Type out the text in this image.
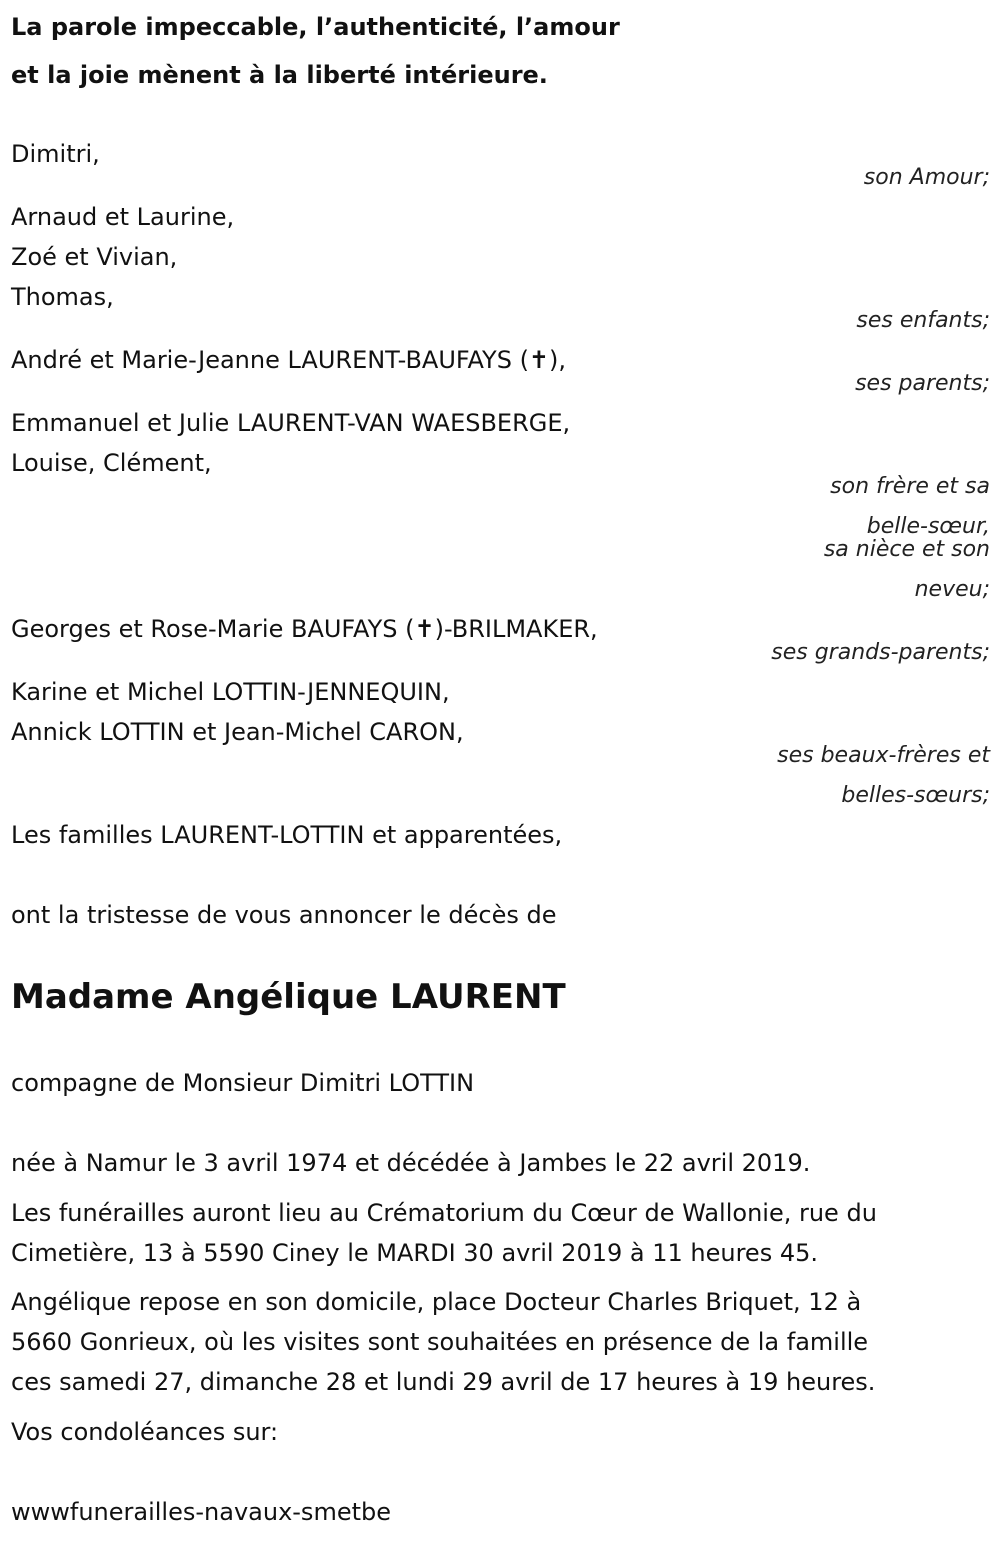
La parole impeccable, l’authenticité, l’amour

et la joie mènent à la liberté intérieure.

Dimitri,

son Amour;

Arnaud et Laurine,

Zoé et Vivian,

Thomas,

ses enfants;

André et Marie-Jeanne LAURENT-BAUFAYS (✝),

ses parents;

Emmanuel et Julie LAURENT-VAN WAESBERGE,

Louise, Clément,

son frère et sa

belle-sœur,

sa nièce et son

neveu;

Georges et Rose-Marie BAUFAYS (✝)-BRILMAKER,

ses grands-parents;

Karine et Michel LOTTIN-JENNEQUIN,

Annick LOTTIN et Jean-Michel CARON,

ses beaux-frères et

belles-sœurs;

Les familles LAURENT-LOTTIN et apparentées,

ont la tristesse de vous annoncer le décès de

Madame Angélique LAURENT

compagne de Monsieur Dimitri LOTTIN

née à Namur le 3 avril 1974 et décédée à Jambes le 22 avril 2019.

Les funérailles auront lieu au Crématorium du Cœur de Wallonie, rue du

Cimetière, 13 à 5590 Ciney le MARDI 30 avril 2019 à 11 heures 45.

Angélique repose en son domicile, place Docteur Charles Briquet, 12 à

5660 Gonrieux, où les visites sont souhaitées en présence de la famille

ces samedi 27, dimanche 28 et lundi 29 avril de 17 heures à 19 heures.

Vos condoléances sur:

wwwfunerailles-navaux-smetbe
